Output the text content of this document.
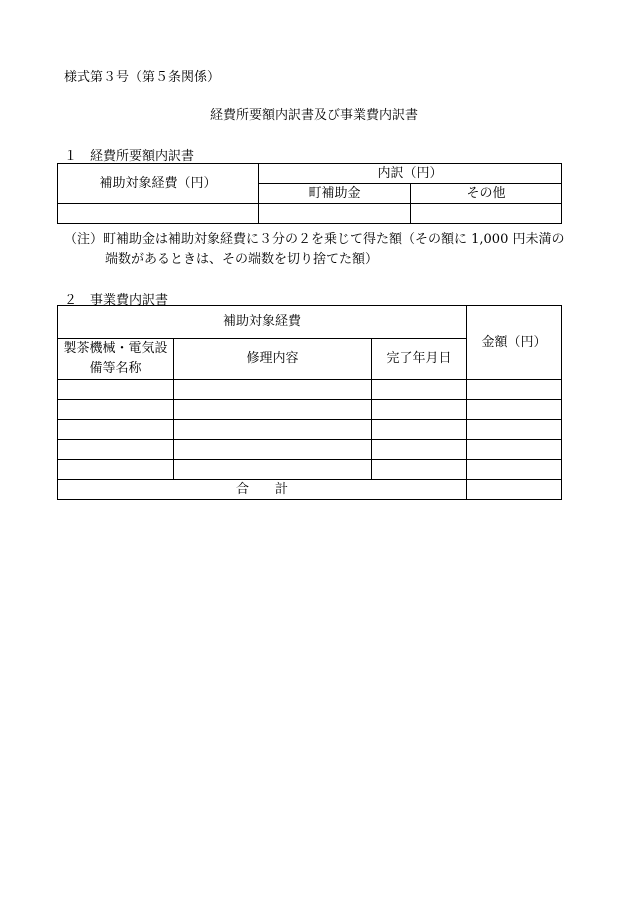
様式第３号（第５条関係）
経費所要額内訳書及び事業費内訳書
１　経費所要額内訳書
補助対象経費（円）	内訳（円）	
	町補助金	その他

（注）町補助金は補助対象経費に３分の２を乗じて得た額（その額に 1,000 円未満の
端数があるときは、その端数を切り捨てた額）
２　事業費内訳書
補助対象経費			金額（円）
製茶機械・電気設備等名称	修理内容	完了年月日	

合　　計			
